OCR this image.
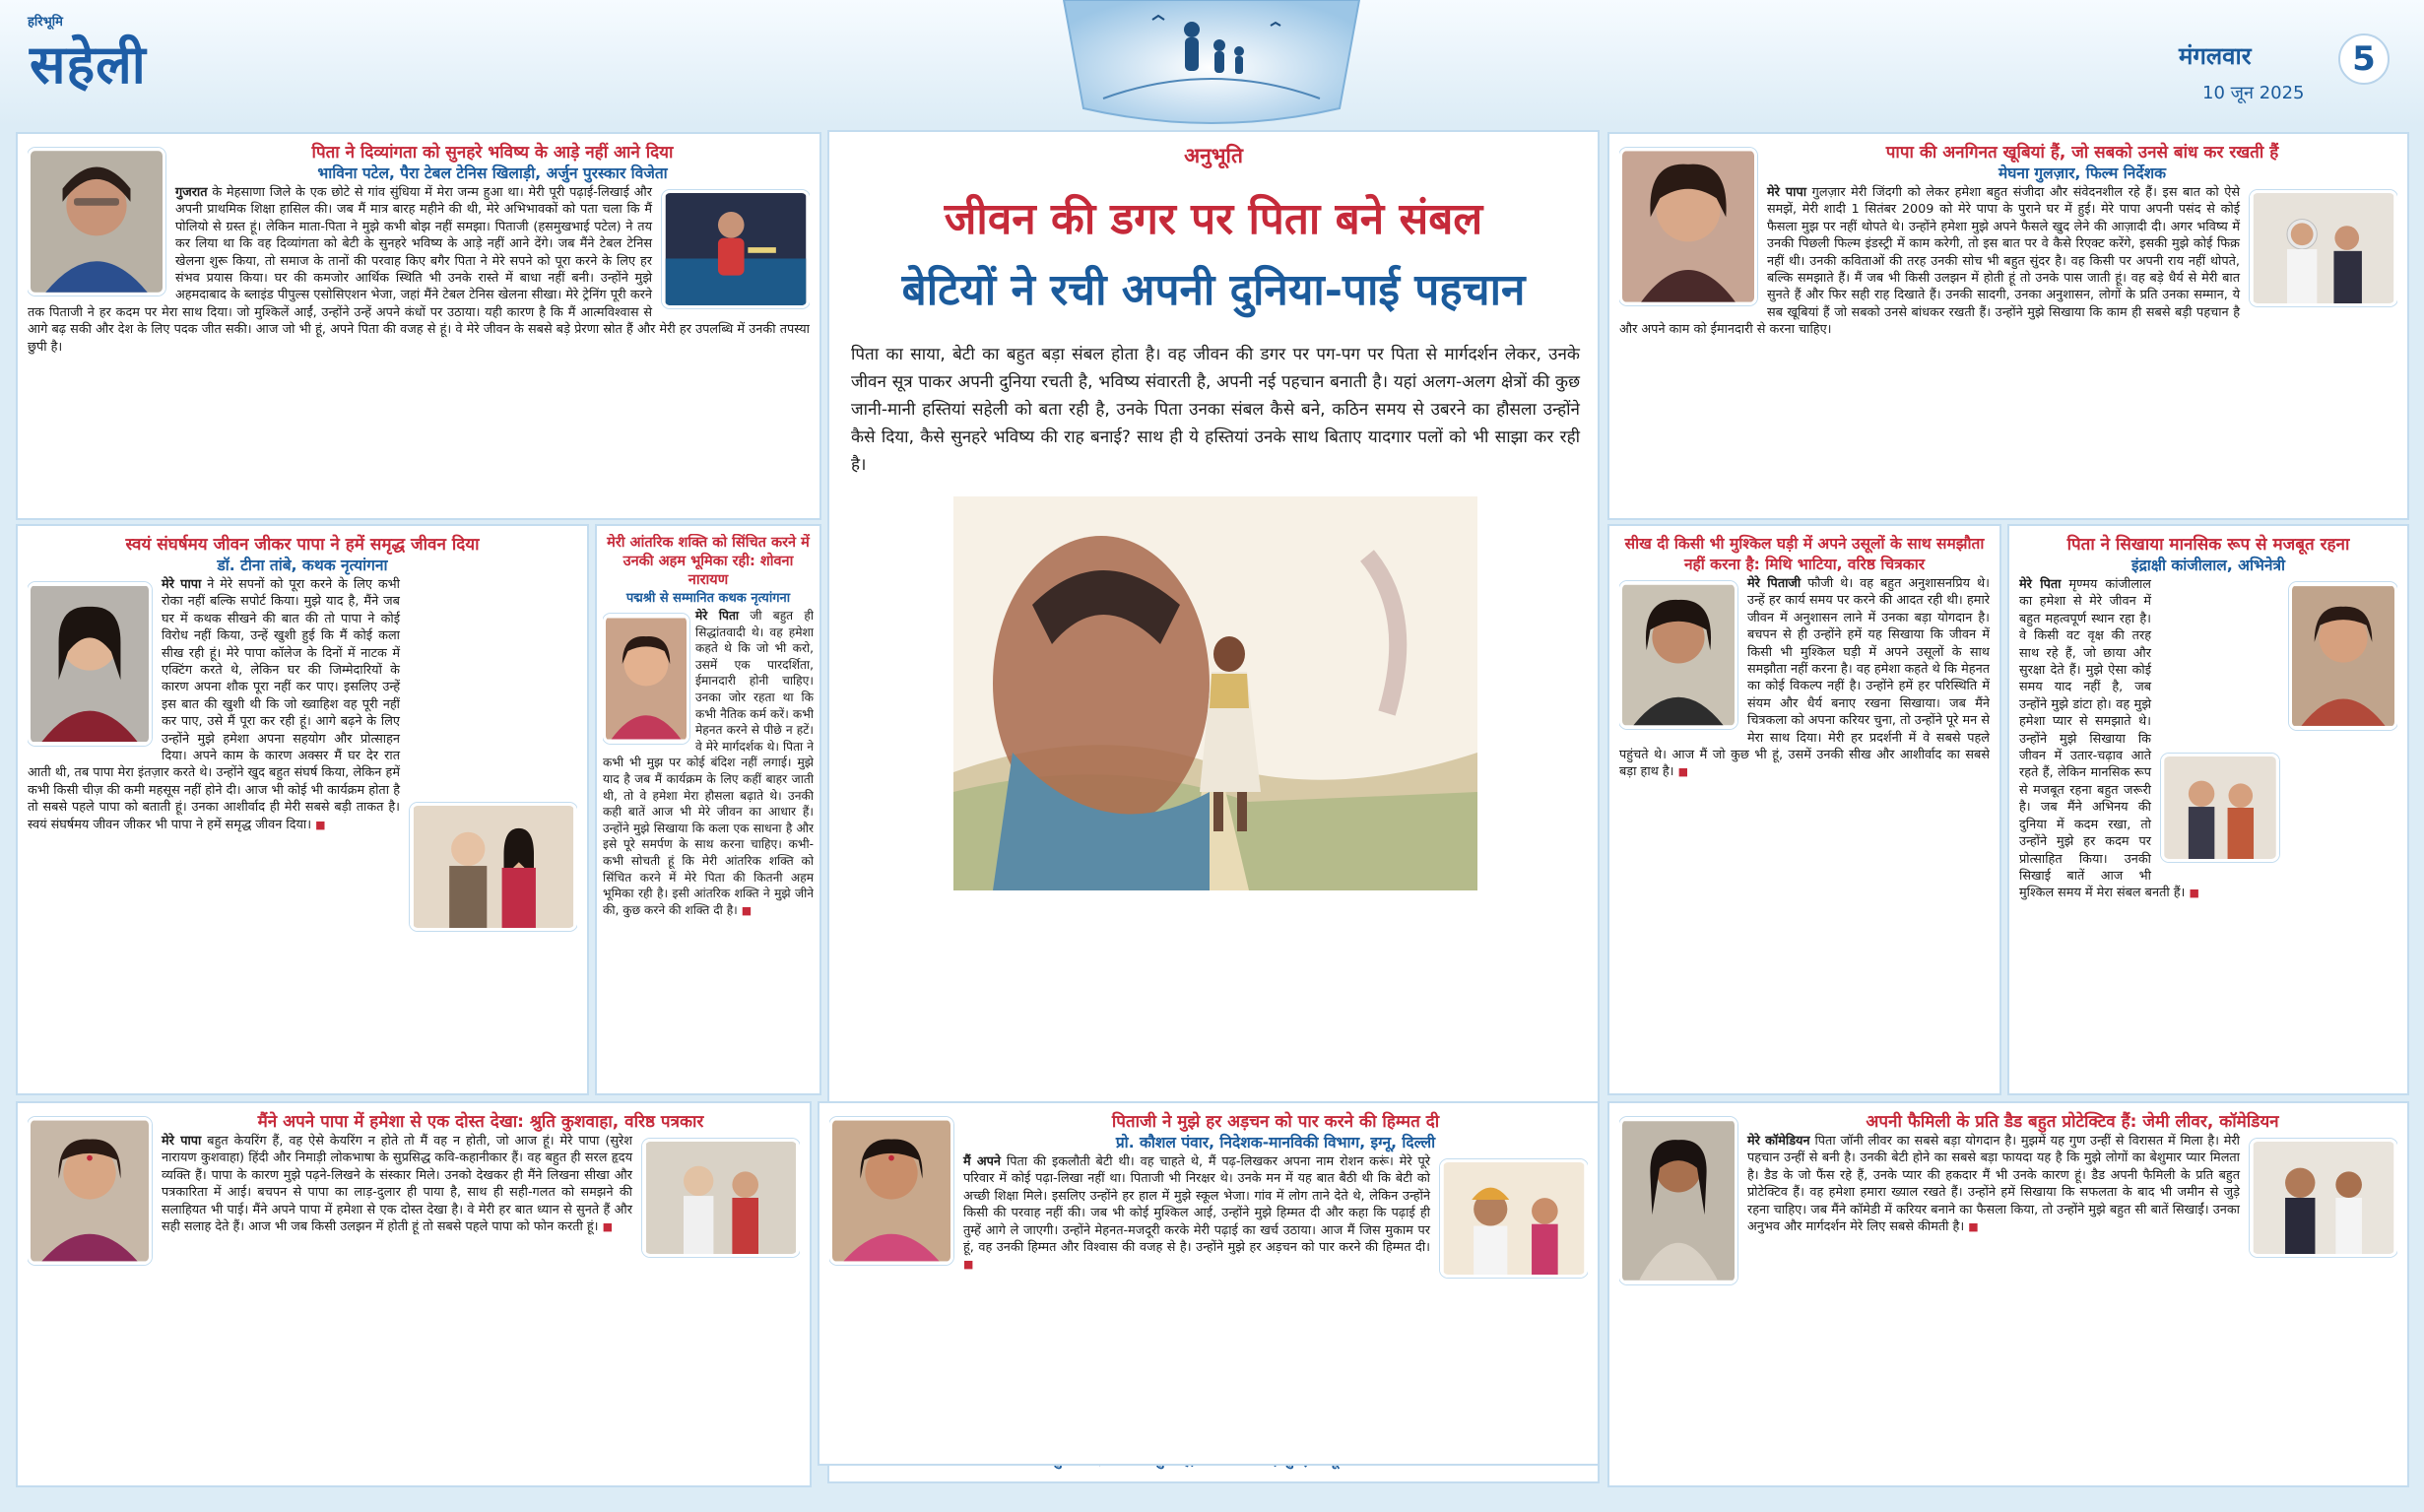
हरिभूमि
सहेली	मंगलवार	5
10 जून 2025
पिता ने दिव्यांगता को सुनहरे भविष्य के आड़े नहीं आने दिया
भाविना पटेल, पैरा टेबल टेनिस खिलाड़ी, अर्जुन पुरस्कार विजेता
गुजरात के मेहसाणा जिले के एक छोटे से गांव सुंधिया में मेरा जन्म हुआ था। मेरी पूरी पढ़ाई-लिखाई और अपनी प्राथमिक शिक्षा हासिल की। जब मैं मात्र बारह महीने की थी, मेरे अभिभावकों को पता चला कि मैं पोलियो से ग्रस्त हूं। लेकिन माता-पिता ने मुझे कभी बोझ नहीं समझा। पिताजी (हसमुखभाई पटेल) ने तय कर लिया था कि वह दिव्यांगता को बेटी के सुनहरे भविष्य के आड़े नहीं आने देंगे। जब मैंने टेबल टेनिस खेलना शुरू किया, तो समाज के तानों की परवाह किए बगैर पिता ने मेरे सपने को पूरा करने के लिए हर संभव प्रयास किया। घर की कमजोर आर्थिक स्थिति भी उनके रास्ते में बाधा नहीं बनी। उन्होंने मुझे अहमदाबाद के ब्लाइंड पीपुल्स एसोसिएशन भेजा, जहां मैंने टेबल टेनिस खेलना सीखा। मेरे ट्रेनिंग पूरी करने तक पिताजी ने हर कदम पर मेरा साथ दिया। जो मुश्किलें आईं, उन्होंने उन्हें अपने कंधों पर उठाया। यही कारण है कि मैं आत्मविश्वास से आगे बढ़ सकी और देश के लिए पदक जीत सकी। आज जो भी हूं, अपने पिता की वजह से हूं। वे मेरे जीवन के सबसे बड़े प्रेरणा स्रोत हैं और मेरी हर उपलब्धि में उनकी तपस्या छुपी है।
पापा की अनगिनत खूबियां हैं, जो सबको उनसे बांध कर रखती हैं
मेघना गुलज़ार, फिल्म निर्देशक
मेरे पापा गुलज़ार मेरी जिंदगी को लेकर हमेशा बहुत संजीदा और संवेदनशील रहे हैं। इस बात को ऐसे समझें, मेरी शादी 1 सितंबर 2009 को मेरे पापा के पुराने घर में हुई। मेरे पापा अपनी पसंद से कोई फैसला मुझ पर नहीं थोपते थे। उन्होंने हमेशा मुझे अपने फैसले खुद लेने की आज़ादी दी। अगर भविष्य में उनकी पिछली फिल्म इंडस्ट्री में काम करेगी, तो इस बात पर वे कैसे रिएक्ट करेंगे, इसकी मुझे कोई फिक्र नहीं थी। उनकी कविताओं की तरह उनकी सोच भी बहुत सुंदर है। वह किसी पर अपनी राय नहीं थोपते, बल्कि समझाते हैं। मैं जब भी किसी उलझन में होती हूं तो उनके पास जाती हूं। वह बड़े धैर्य से मेरी बात सुनते हैं और फिर सही राह दिखाते हैं। उनकी सादगी, उनका अनुशासन, लोगों के प्रति उनका सम्मान, ये सब खूबियां हैं जो सबको उनसे बांधकर रखती हैं। उन्होंने मुझे सिखाया कि काम ही सबसे बड़ी पहचान है और अपने काम को ईमानदारी से करना चाहिए।
स्वयं संघर्षमय जीवन जीकर पापा ने हमें समृद्ध जीवन दिया
डॉ. टीना तांबे, कथक नृत्यांगना
मेरे पापा ने मेरे सपनों को पूरा करने के लिए कभी रोका नहीं बल्कि सपोर्ट किया। मुझे याद है, मैंने जब घर में कथक सीखने की बात की तो पापा ने कोई विरोध नहीं किया, उन्हें खुशी हुई कि मैं कोई कला सीख रही हूं। मेरे पापा कॉलेज के दिनों में नाटक में एक्टिंग करते थे, लेकिन घर की जिम्मेदारियों के कारण अपना शौक पूरा नहीं कर पाए। इसलिए उन्हें इस बात की खुशी थी कि जो ख्वाहिश वह पूरी नहीं कर पाए, उसे मैं पूरा कर रही हूं। आगे बढ़ने के लिए उन्होंने मुझे हमेशा अपना सहयोग और प्रोत्साहन दिया। अपने काम के कारण अक्सर मैं घर देर रात आती थी, तब पापा मेरा इंतज़ार करते थे। उन्होंने खुद बहुत संघर्ष किया, लेकिन हमें कभी किसी चीज़ की कमी महसूस नहीं होने दी। आज भी कोई भी कार्यक्रम होता है तो सबसे पहले पापा को बताती हूं। उनका आशीर्वाद ही मेरी सबसे बड़ी ताकत है। स्वयं संघर्षमय जीवन जीकर भी पापा ने हमें समृद्ध जीवन दिया। ■
मेरी आंतरिक शक्ति को सिंचित करने में उनकी अहम भूमिका रही: शोवना नारायण
पद्मश्री से सम्मानित कथक नृत्यांगना
मेरे पिता जी बहुत ही सिद्धांतवादी थे। वह हमेशा कहते थे कि जो भी करो, उसमें एक पारदर्शिता, ईमानदारी होनी चाहिए। उनका जोर रहता था कि कभी नैतिक कर्म करें। कभी मेहनत करने से पीछे न हटें। वे मेरे मार्गदर्शक थे। पिता ने कभी भी मुझ पर कोई बंदिश नहीं लगाई। मुझे याद है जब मैं कार्यक्रम के लिए कहीं बाहर जाती थी, तो वे हमेशा मेरा हौसला बढ़ाते थे। उनकी कही बातें आज भी मेरे जीवन का आधार हैं। उन्होंने मुझे सिखाया कि कला एक साधना है और इसे पूरे समर्पण के साथ करना चाहिए। कभी-कभी सोचती हूं कि मेरी आंतरिक शक्ति को सिंचित करने में मेरे पिता की कितनी अहम भूमिका रही है। इसी आंतरिक शक्ति ने मुझे जीने की, कुछ करने की शक्ति दी है। ■
अनुभूति
जीवन की डगर पर पिता बने संबल
बेटियों ने रची अपनी दुनिया-पाई पहचान
पिता का साया, बेटी का बहुत बड़ा संबल होता है। वह जीवन की डगर पर पग-पग पर पिता से मार्गदर्शन लेकर, उनके जीवन सूत्र पाकर अपनी दुनिया रचती है, भविष्य संवारती है, अपनी नई पहचान बनाती है। यहां अलग-अलग क्षेत्रों की कुछ जानी-मानी हस्तियां सहेली को बता रही है, उनके पिता उनका संबल कैसे बने, कठिन समय से उबरने का हौसला उन्होंने कैसे दिया, कैसे सुनहरे भविष्य की राह बनाई? साथ ही ये हस्तियां उनके साथ बिताए यादगार पलों को भी साझा कर रही है।
सीख दी किसी भी मुश्किल घड़ी में अपने उसूलों के साथ समझौता नहीं करना है: मिथि भाटिया, वरिष्ठ चित्रकार
मेरे पिताजी फौजी थे। वह बहुत अनुशासनप्रिय थे। उन्हें हर कार्य समय पर करने की आदत रही थी। हमारे जीवन में अनुशासन लाने में उनका बड़ा योगदान है। बचपन से ही उन्होंने हमें यह सिखाया कि जीवन में किसी भी मुश्किल घड़ी में अपने उसूलों के साथ समझौता नहीं करना है। वह हमेशा कहते थे कि मेहनत का कोई विकल्प नहीं है। उन्होंने हमें हर परिस्थिति में संयम और धैर्य बनाए रखना सिखाया। जब मैंने चित्रकला को अपना करियर चुना, तो उन्होंने पूरे मन से मेरा साथ दिया। मेरी हर प्रदर्शनी में वे सबसे पहले पहुंचते थे। आज मैं जो कुछ भी हूं, उसमें उनकी सीख और आशीर्वाद का सबसे बड़ा हाथ है। ■
पिता ने सिखाया मानसिक रूप से मजबूत रहना
इंद्राक्षी कांजीलाल, अभिनेत्री
मेरे पिता मृण्मय कांजीलाल का हमेशा से मेरे जीवन में बहुत महत्वपूर्ण स्थान रहा है। वे किसी वट वृक्ष की तरह साथ रहे हैं, जो छाया और सुरक्षा देते हैं। मुझे ऐसा कोई समय याद नहीं है, जब उन्होंने मुझे डांटा हो। वह मुझे हमेशा प्यार से समझाते थे। उन्होंने मुझे सिखाया कि जीवन में उतार-चढ़ाव आते रहते हैं, लेकिन मानसिक रूप से मजबूत रहना बहुत जरूरी है। जब मैंने अभिनय की दुनिया में कदम रखा, तो उन्होंने मुझे हर कदम पर प्रोत्साहित किया। उनकी सिखाई बातें आज भी मुश्किल समय में मेरा संबल बनती हैं। ■
मैंने अपने पापा में हमेशा से एक दोस्त देखा: श्रुति कुशवाहा, वरिष्ठ पत्रकार
मेरे पापा बहुत केयरिंग हैं, वह ऐसे केयरिंग न होते तो मैं वह न होती, जो आज हूं। मेरे पापा (सुरेश नारायण कुशवाहा) हिंदी और निमाड़ी लोकभाषा के सुप्रसिद्ध कवि-कहानीकार हैं। वह बहुत ही सरल हृदय व्यक्ति हैं। पापा के कारण मुझे पढ़ने-लिखने के संस्कार मिले। उनको देखकर ही मैंने लिखना सीखा और पत्रकारिता में आई। बचपन से पापा का लाड़-दुलार ही पाया है, साथ ही सही-गलत को समझने की सलाहियत भी पाई। मैंने अपने पापा में हमेशा से एक दोस्त देखा है। वे मेरी हर बात ध्यान से सुनते हैं और सही सलाह देते हैं। आज भी जब किसी उलझन में होती हूं तो सबसे पहले पापा को फोन करती हूं। ■
पिताजी ने मुझे हर अड़चन को पार करने की हिम्मत दी
प्रो. कौशल पंवार, निदेशक-मानविकी विभाग, इग्नू, दिल्ली
मैं अपने पिता की इकलौती बेटी थी। वह चाहते थे, मैं पढ़-लिखकर अपना नाम रोशन करूं। मेरे पूरे परिवार में कोई पढ़ा-लिखा नहीं था। पिताजी भी निरक्षर थे। उनके मन में यह बात बैठी थी कि बेटी को अच्छी शिक्षा मिले। इसलिए उन्होंने हर हाल में मुझे स्कूल भेजा। गांव में लोग ताने देते थे, लेकिन उन्होंने किसी की परवाह नहीं की। जब भी कोई मुश्किल आई, उन्होंने मुझे हिम्मत दी और कहा कि पढ़ाई ही तुम्हें आगे ले जाएगी। उन्होंने मेहनत-मजदूरी करके मेरी पढ़ाई का खर्च उठाया। आज मैं जिस मुकाम पर हूं, वह उनकी हिम्मत और विश्वास की वजह से है। उन्होंने मुझे हर अड़चन को पार करने की हिम्मत दी। ■
अपनी फैमिली के प्रति डैड बहुत प्रोटेक्टिव हैं: जेमी लीवर, कॉमेडियन
मेरे कॉमेडियन पिता जॉनी लीवर का सबसे बड़ा योगदान है। मुझमें यह गुण उन्हीं से विरासत में मिला है। मेरी पहचान उन्हीं से बनी है। उनकी बेटी होने का सबसे बड़ा फायदा यह है कि मुझे लोगों का बेशुमार प्यार मिलता है। डैड के जो फैंस रहे हैं, उनके प्यार की हकदार मैं भी उनके कारण हूं। डैड अपनी फैमिली के प्रति बहुत प्रोटेक्टिव हैं। वह हमेशा हमारा ख्याल रखते हैं। उन्होंने हमें सिखाया कि सफलता के बाद भी जमीन से जुड़े रहना चाहिए। जब मैंने कॉमेडी में करियर बनाने का फैसला किया, तो उन्होंने मुझे बहुत सी बातें सिखाईं। उनका अनुभव और मार्गदर्शन मेरे लिए सबसे कीमती है। ■
